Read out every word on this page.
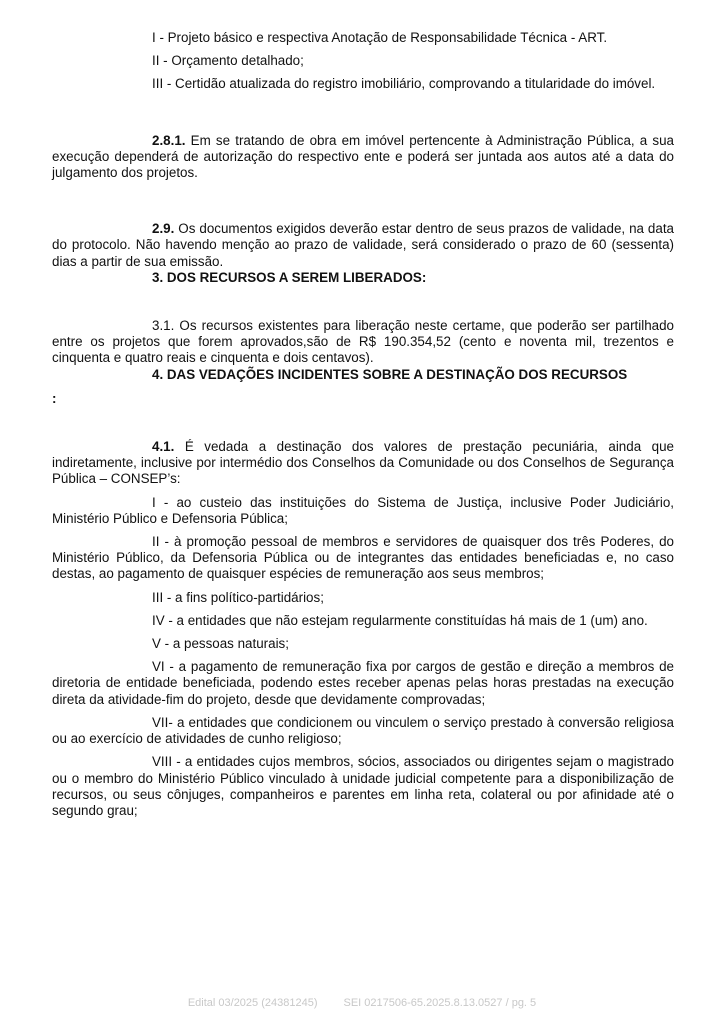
I - Projeto básico e respectiva Anotação de Responsabilidade Técnica - ART.

II - Orçamento detalhado;

III - Certidão atualizada do registro imobiliário, comprovando a titularidade do imóvel.

2.8.1. Em se tratando de obra em imóvel pertencente à Administração Pública, a sua execução dependerá de autorização do respectivo ente e poderá ser juntada aos autos até a data do julgamento dos projetos.

2.9. Os documentos exigidos deverão estar dentro de seus prazos de validade, na data do protocolo. Não havendo menção ao prazo de validade, será considerado o prazo de 60 (sessenta) dias a partir de sua emissão.

3. DOS RECURSOS A SEREM LIBERADOS:

3.1. Os recursos existentes para liberação neste certame, que poderão ser partilhado entre os projetos que forem aprovados,são de R$ 190.354,52 (cento e noventa mil, trezentos e cinquenta e quatro reais e cinquenta e dois centavos).

4. DAS VEDAÇÕES INCIDENTES SOBRE A DESTINAÇÃO DOS RECURSOS

:

4.1. É vedada a destinação dos valores de prestação pecuniária, ainda que indiretamente, inclusive por intermédio dos Conselhos da Comunidade ou dos Conselhos de Segurança Pública – CONSEP’s:

I - ao custeio das instituições do Sistema de Justiça, inclusive Poder Judiciário, Ministério Público e Defensoria Pública;

II - à promoção pessoal de membros e servidores de quaisquer dos três Poderes, do Ministério Público, da Defensoria Pública ou de integrantes das entidades beneficiadas e, no caso destas, ao pagamento de quaisquer espécies de remuneração aos seus membros;

III - a fins político-partidários;

IV - a entidades que não estejam regularmente constituídas há mais de 1 (um) ano.

V - a pessoas naturais;

VI - a pagamento de remuneração fixa por cargos de gestão e direção a membros de diretoria de entidade beneficiada, podendo estes receber apenas pelas horas prestadas na execução direta da atividade-fim do projeto, desde que devidamente comprovadas;

VII- a entidades que condicionem ou vinculem o serviço prestado à conversão religiosa ou ao exercício de atividades de cunho religioso;

VIII - a entidades cujos membros, sócios, associados ou dirigentes sejam o magistrado ou o membro do Ministério Público vinculado à unidade judicial competente para a disponibilização de recursos, ou seus cônjuges, companheiros e parentes em linha reta, colateral ou por afinidade até o segundo grau;

Edital 03/2025 (24381245) SEI 0217506-65.2025.8.13.0527 / pg. 5
